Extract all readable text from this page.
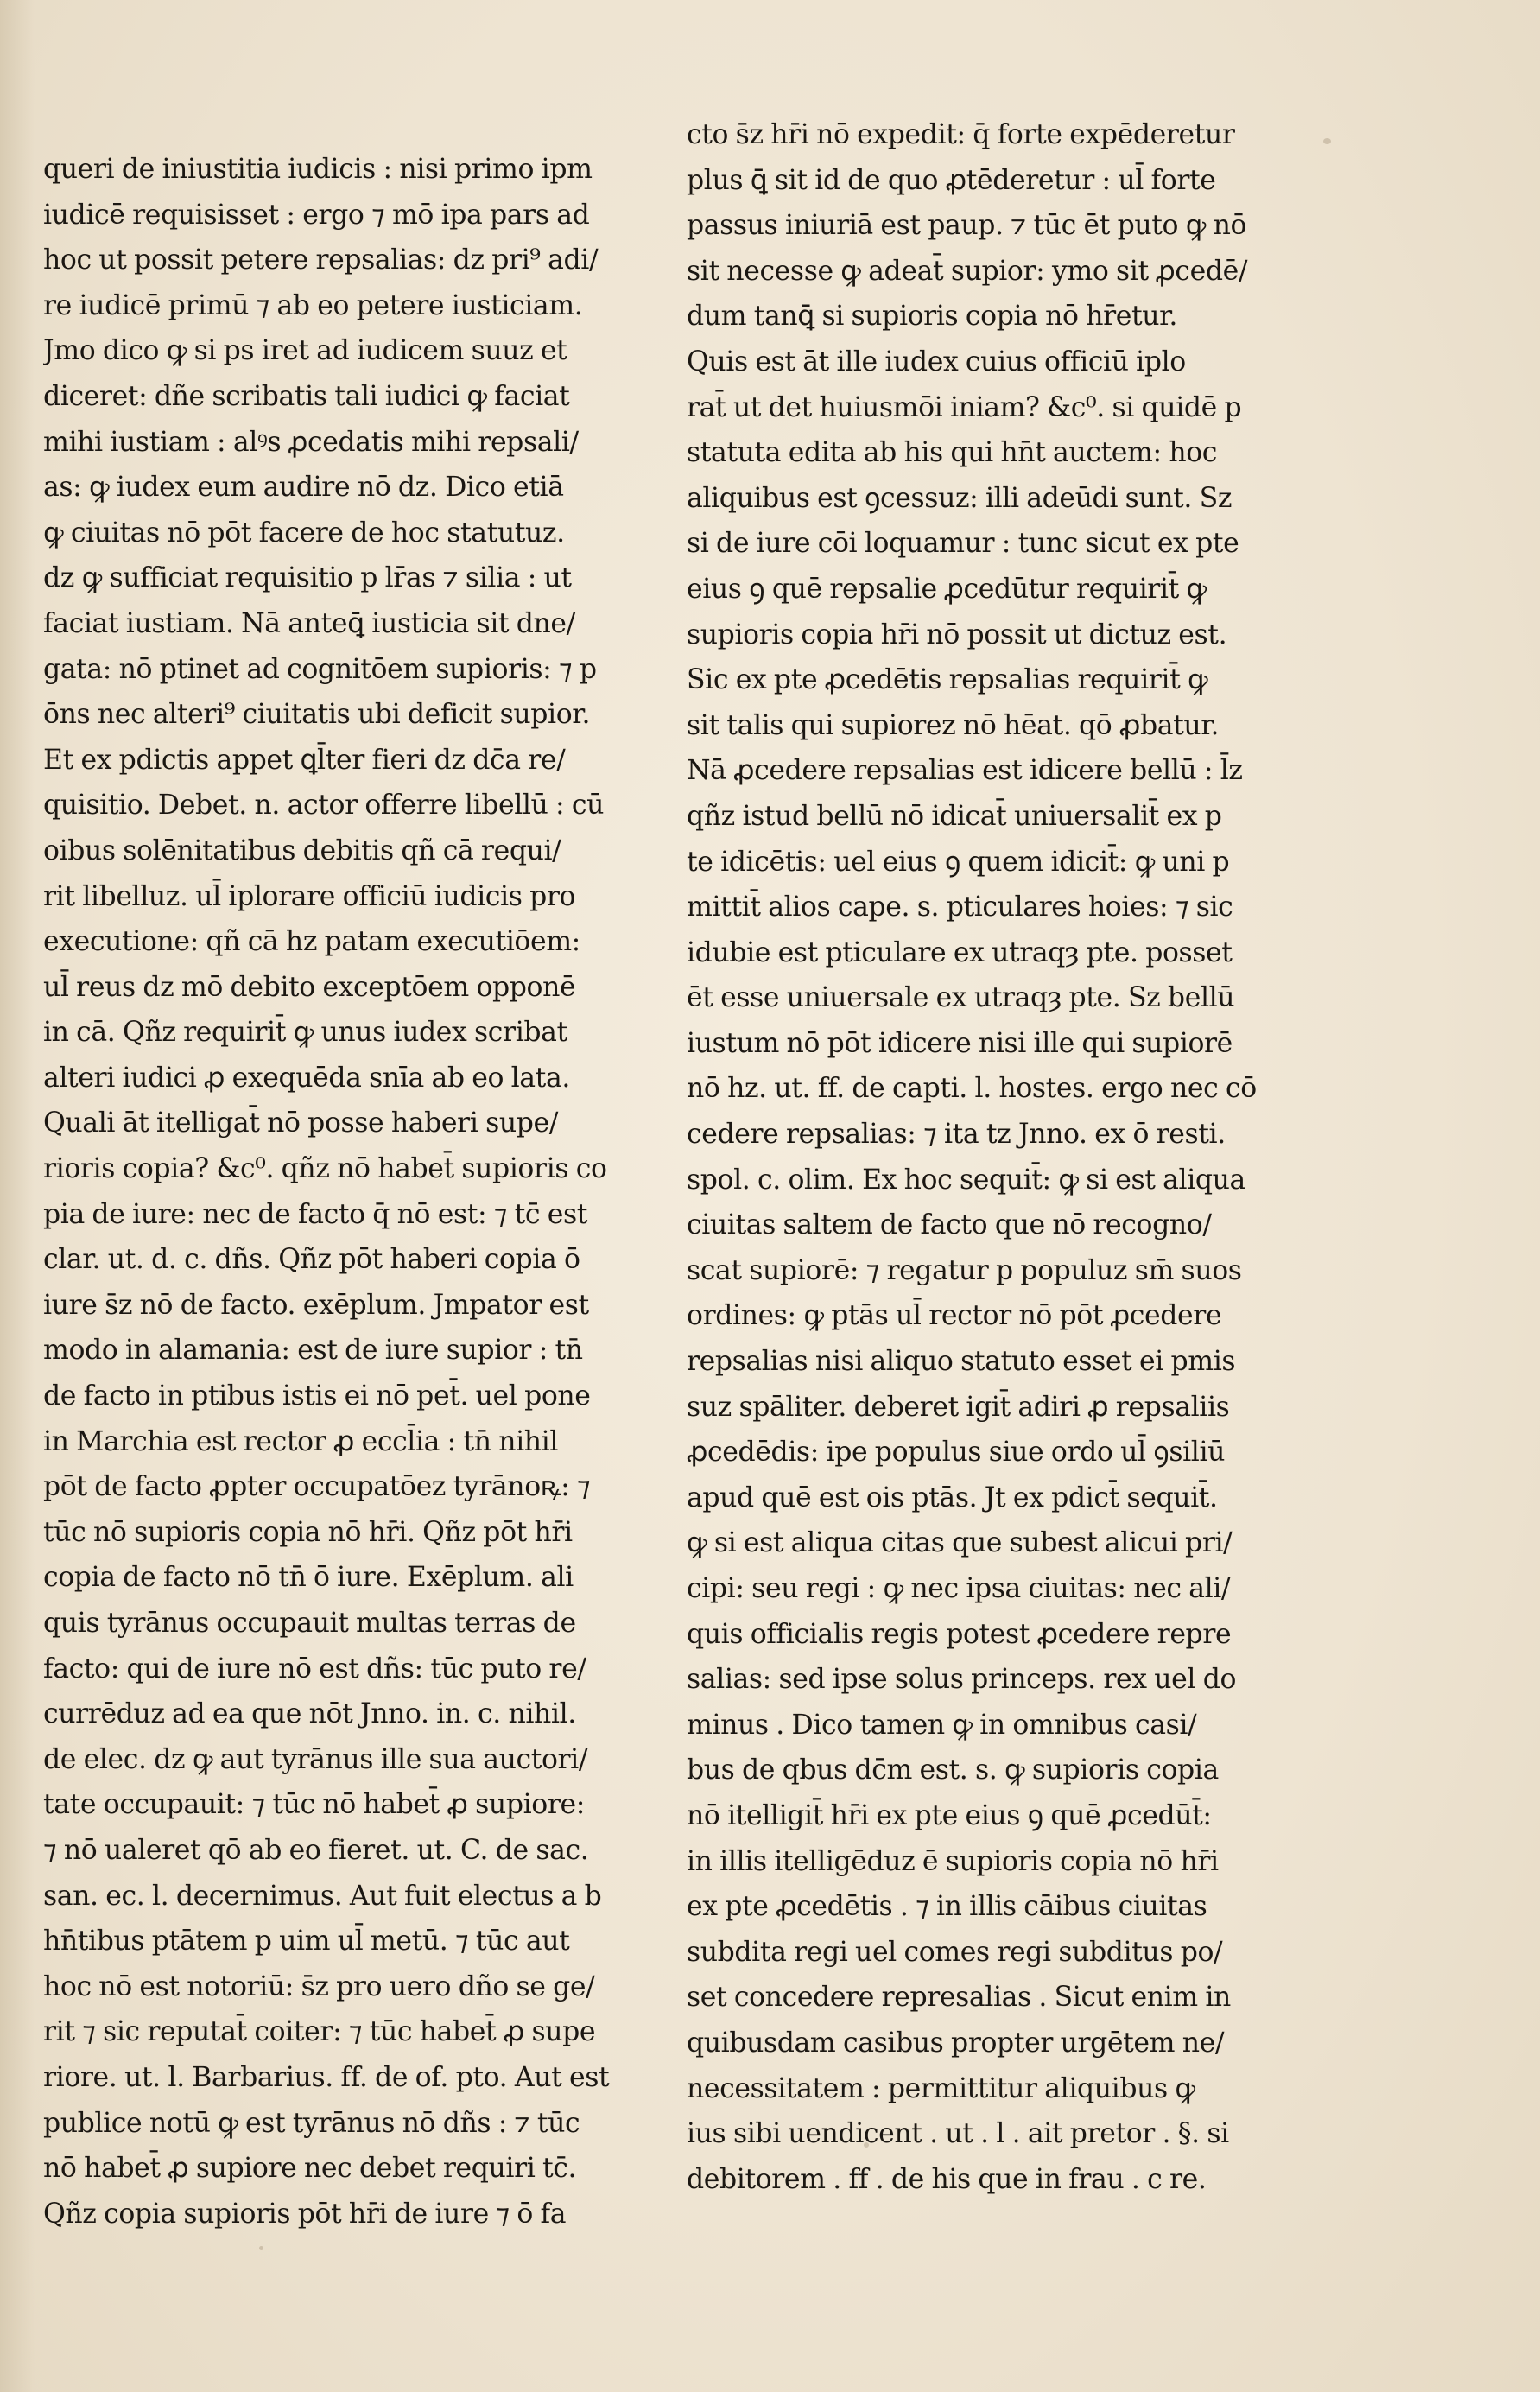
queri de iniustitia iudicis : nisi primo ipm
iudicē requisisset : ergo ⁊ mō ipa pars ad
hoc ut possit petere repsalias: dz pri⁹ adi/
re iudicē primū ⁊ ab eo petere iusticiam.
Jmo dico ꝙ si ps iret ad iudicem suuz et
diceret: dñe scribatis tali iudici ꝙ faciat
mihi iustiam : alꝰs ꝓcedatis mihi repsali/
as: ꝙ iudex eum audire nō dz. Dico etiā
ꝙ ciuitas nō pōt facere de hoc statutuz.
dz ꝙ sufficiat requisitio p lr̄as ⁊ silia : ut
faciat iustiam. Nā anteꝗ̄ iusticia sit dne/
gata: nō ptinet ad cognitōem supioris: ⁊ p
ōns nec alteri⁹ ciuitatis ubi deficit supior.
Et ex pdictis appet ꝗl̄ter fieri dz dc̄a re/
quisitio. Debet. n. actor offerre libellū : cū
oibus solēnitatibus debitis qñ cā requi/
rit libelluz. ul̄ iplorare officiū iudicis pro
executione: qñ cā hz patam executiōem:
ul̄ reus dz mō debito exceptōem opponē
in cā. Qñz requirit̄ ꝙ unus iudex scribat
alteri iudici ꝓ exequēda snīa ab eo lata.
Quali āt itelligat̄ nō posse haberi supe/
rioris copia? &c⁰. qñz nō habet̄ supioris co
pia de iure: nec de facto q̄ nō est: ⁊ tc̄ est
clar. ut. d. c. dñs. Qñz pōt haberi copia ō
iure s̄z nō de facto. exēplum. Jmpator est
modo in alamania: est de iure supior : tn̄
de facto in ptibus istis ei nō pet̄. uel pone
in Marchia est rector ꝓ eccl̄ia : tn̄ nihil
pōt de facto ꝓpter occupatōez tyrānoꝶ: ⁊
tūc nō supioris copia nō hr̄i. Qñz pōt hr̄i
copia de facto nō tn̄ ō iure. Exēplum. ali
quis tyrānus occupauit multas terras de
facto: qui de iure nō est dñs: tūc puto re/
currēduz ad ea que nōt Jnno. in. c. nihil.
de elec. dz ꝙ aut tyrānus ille sua auctori/
tate occupauit: ⁊ tūc nō habet̄ ꝓ supiore:
⁊ nō ualeret qō ab eo fieret. ut. C. de sac.
san. ec. l. decernimus. Aut fuit electus a b
hn̄tibus ptātem p uim ul̄ metū. ⁊ tūc aut
hoc nō est notoriū: s̄z pro uero dño se ge/
rit ⁊ sic reputat̄ coiter: ⁊ tūc habet̄ ꝓ supe
riore. ut. l. Barbarius. ff. de of. pto. Aut est
publice notū ꝙ est tyrānus nō dñs : ⁊ tūc
nō habet̄ ꝓ supiore nec debet requiri tc̄.
Qñz copia supioris pōt hr̄i de iure ⁊ ō fa
cto s̄z hr̄i nō expedit: q̄ forte expēderetur
plus ꝗ̄ sit id de quo ꝓtēderetur : ul̄ forte
passus iniuriā est paup. ⁊ tūc ēt puto ꝙ nō
sit necesse ꝙ adeat̄ supior: ymo sit ꝓcedē/
dum tanꝗ̄ si supioris copia nō hr̄etur.
Quis est āt ille iudex cuius officiū iplo
rat̄ ut det huiusmōi iniam? &c⁰. si quidē p
statuta edita ab his qui hn̄t auctem: hoc
aliquibus est ꝯcessuz: illi adeūdi sunt. Sz
si de iure cōi loquamur : tunc sicut ex pte
eius ꝯ quē repsalie ꝓcedūtur requirit̄ ꝙ
supioris copia hr̄i nō possit ut dictuz est.
Sic ex pte ꝓcedētis repsalias requirit̄ ꝙ
sit talis qui supiorez nō hēat. qō ꝓbatur.
Nā ꝓcedere repsalias est idicere bellū : l̄z
qñz istud bellū nō idicat̄ uniuersalit̄ ex p
te idicētis: uel eius ꝯ quem idicit̄: ꝙ uni p
mittit̄ alios cape. s. pticulares hoies: ⁊ sic
idubie est pticulare ex utraqȝ pte. posset
ēt esse uniuersale ex utraqȝ pte. Sz bellū
iustum nō pōt idicere nisi ille qui supiorē
nō hz. ut. ff. de capti. l. hostes. ergo nec cō
cedere repsalias: ⁊ ita tz Jnno. ex ō resti.
spol. c. olim. Ex hoc sequit̄: ꝙ si est aliqua
ciuitas saltem de facto que nō recogno/
scat supiorē: ⁊ regatur p populuz sm̄ suos
ordines: ꝙ ptās ul̄ rector nō pōt ꝓcedere
repsalias nisi aliquo statuto esset ei pmis
suz spāliter. deberet igit̄ adiri ꝓ repsaliis
ꝓcedēdis: ipe populus siue ordo ul̄ ꝯsiliū
apud quē est ois ptās. Jt ex pdict̄ sequit̄.
ꝙ si est aliqua citas que subest alicui pri/
cipi: seu regi : ꝙ nec ipsa ciuitas: nec ali/
quis officialis regis potest ꝓcedere repre
salias: sed ipse solus princeps. rex uel do
minus . Dico tamen ꝙ in omnibus casi/
bus de qbus dc̄m est. s. ꝙ supioris copia
nō itelligit̄ hr̄i ex pte eius ꝯ quē ꝓcedūt̄:
in illis itelligēduz ē supioris copia nō hr̄i
ex pte ꝓcedētis . ⁊ in illis cāibus ciuitas
subdita regi uel comes regi subditus po/
set concedere represalias . Sicut enim in
quibusdam casibus propter urgētem ne/
necessitatem : permittitur aliquibus ꝙ
ius sibi uendicent . ut . l . ait pretor . §. si
debitorem . ff . de his que in frau . c re.
